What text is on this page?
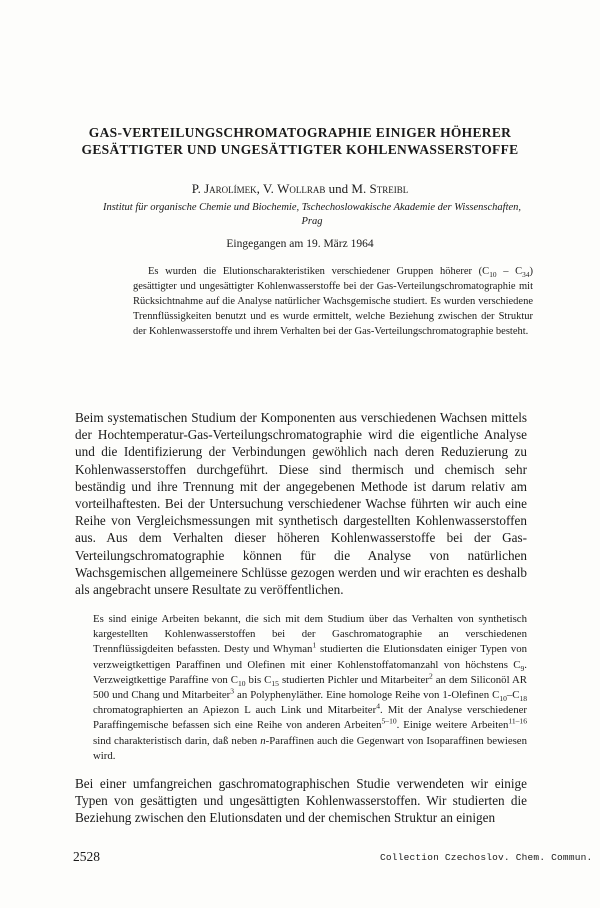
GAS-VERTEILUNGSCHROMATOGRAPHIE EINIGER HÖHERER
GESÄTTIGTER UND UNGESÄTTIGTER KOHLENWASSERSTOFFE
P. Jarolímek, V. Wollrab und M. Streibl
Institut für organische Chemie und Biochemie, Tschechoslowakische Akademie der Wissenschaften,
Prag
Eingegangen am 19. März 1964

Es wurden die Elutionscharakteristiken verschiedener Gruppen höherer $(C_{10} - C_{34})$ gesättigter und ungesättigter Kohlenwasserstoffe bei der Gas-Verteilungschromatographie mit Rücksichtnahme auf die Analyse natürlicher Wachsgemische studiert. Es wurden verschiedene Trennflüssigkeiten benutzt und es wurde ermittelt, welche Beziehung zwischen der Struktur der Kohlenwasserstoffe und ihrem Verhalten bei der Gas-Verteilungschromatographie besteht.

Beim systematischen Studium der Komponenten aus verschiedenen Wachsen mittels der Hochtemperatur-Gas-Verteilungschromatographie wird die eigentliche Analyse und die Identifizierung der Verbindungen gewöhlich nach deren Reduzierung zu Kohlenwasserstoffen durchgeführt. Diese sind thermisch und chemisch sehr beständig und ihre Trennung mit der angegebenen Methode ist darum relativ am vorteilhaftesten. Bei der Untersuchung verschiedener Wachse führten wir auch eine Reihe von Vergleichsmessungen mit synthetisch dargestellten Kohlenwasserstoffen aus. Aus dem Verhalten dieser höheren Kohlenwasserstoffe bei der Gas- Verteilungschromatographie können für die Analyse von natürlichen Wachsgemischen allgemeinere Schlüsse gezogen werden und wir erachten es deshalb als angebracht unsere Resultate zu veröffentlichen.

Es sind einige Arbeiten bekannt, die sich mit dem Studium über das Verhalten von synthetisch kargestellten Kohlenwasserstoffen bei der Gaschromatographie an verschiedenen Trennflüssigdeiten befassten. Desty und Whyman$^1$ studierten die Elutionsdaten einiger Typen von verzweigtkettigen Paraffinen und Olefinen mit einer Kohlenstoffatomanzahl von höchstens $C_9$. Verzweigtkettige Paraffine von $C_{10}$ bis $C_{15}$ studierten Pichler und Mitarbeiter$^2$ an dem Siliconöl AR 500 und Chang und Mitarbeiter$^3$ an Polyphenyläther. Eine homologe Reihe von 1-Olefinen $C_{10}-C_{18}$ chromatographierten an Apiezon L auch Link und Mitarbeiter$^4$. Mit der Analyse verschiedener Paraffingemische befassen sich eine Reihe von anderen Arbeiten$^{5-10}$. Einige weitere Arbeiten$^{11-16}$ sind charakteristisch darin, daß neben n-Paraffinen auch die Gegenwart von Isoparaffinen bewiesen wird.

Bei einer umfangreichen gaschromatographischen Studie verwendeten wir einige Typen von gesättigten und ungesättigten Kohlenwasserstoffen. Wir studierten die Beziehung zwischen den Elutionsdaten und der chemischen Struktur an einigen

2528	Collection Czechoslov. Chem. Commun.
